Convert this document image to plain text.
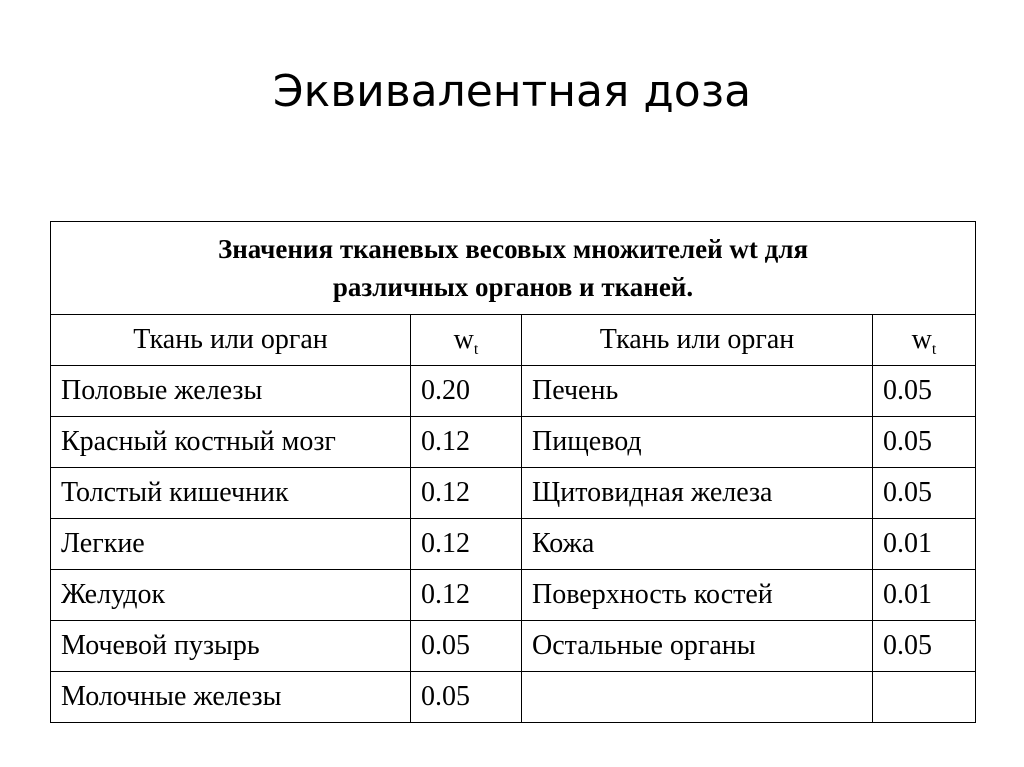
Эквивалентная доза
Значения тканевых весовых множителей wt для
различных органов и тканей.			
Ткань или орган	$w_t$	Ткань или орган	$w_t$
Половые железы	0.20	Печень	0.05
Красный костный мозг	0.12	Пищевод	0.05
Толстый кишечник	0.12	Щитовидная железа	0.05
Легкие	0.12	Кожа	0.01
Желудок	0.12	Поверхность костей	0.01
Мочевой пузырь	0.05	Остальные органы	0.05
Молочные железы	0.05		
